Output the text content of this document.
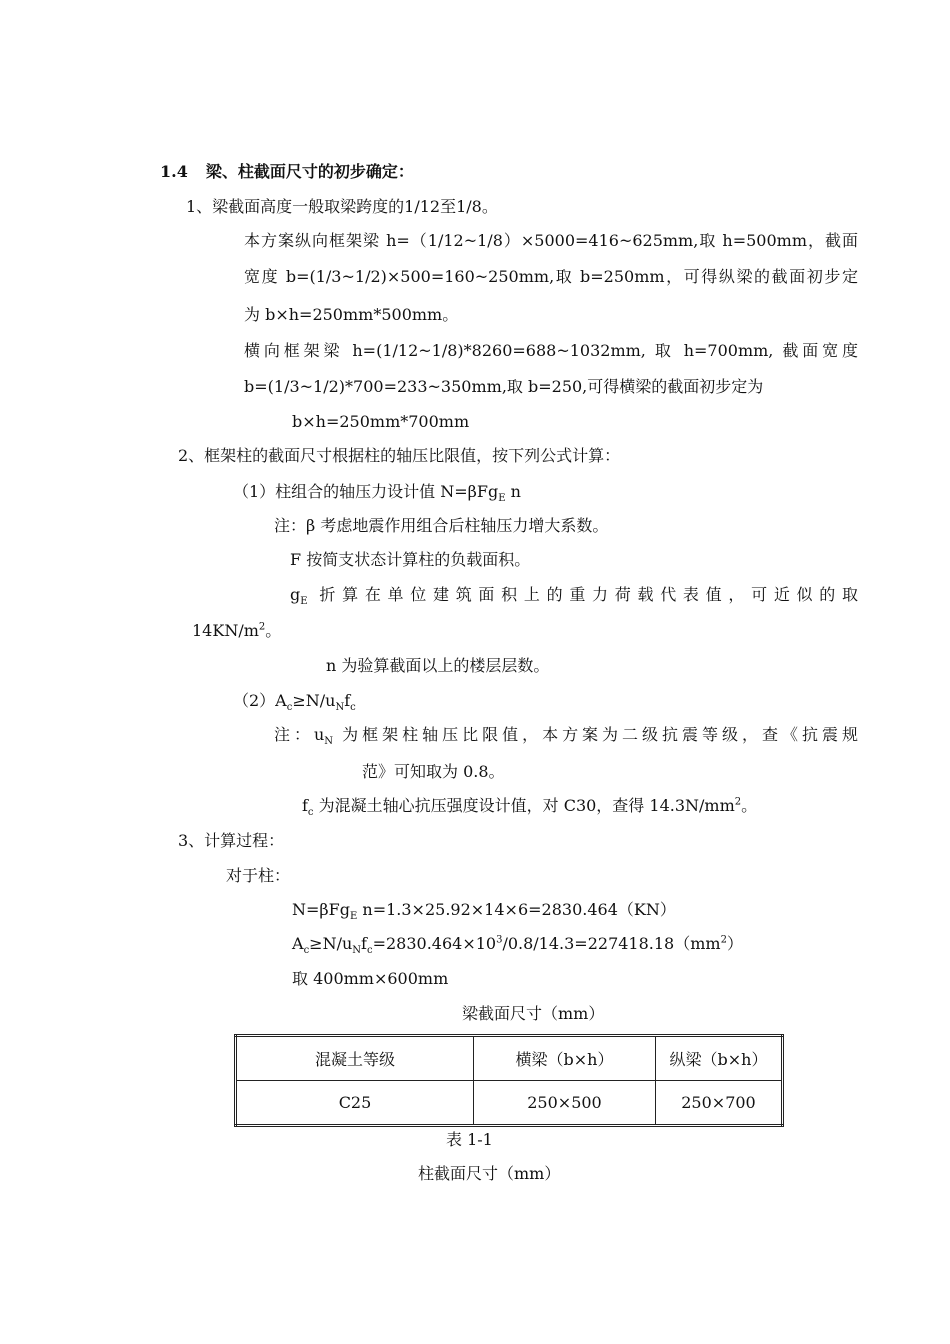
1.4 梁、柱截面尺寸的初步确定：
1、梁截面高度一般取梁跨度的1/12至1/8。
本方案纵向框架梁 h=（1/12~1/8）×5000=416~625mm,取 h=500mm，截面
宽度 b=(1/3~1/2)×500=160~250mm,取 b=250mm，可得纵梁的截面初步定
为 b×h=250mm*500mm。
横向框架梁 h=(1/12~1/8)*8260=688~1032mm, 取 h=700mm, 截面宽度
b=(1/3~1/2)*700=233~350mm,取 b=250,可得横梁的截面初步定为
b×h=250mm*700mm
2、框架柱的截面尺寸根据柱的轴压比限值，按下列公式计算：
（1）柱组合的轴压力设计值 N=βFg$_E$ n
注：β 考虑地震作用组合后柱轴压力增大系数。
F 按简支状态计算柱的负载面积。
$g_E$ 折算在单位建筑面积上的重力荷载代表值，可近似的取
$14KN/m^2$。
n 为验算截面以上的楼层层数。
$(2)A_c\ge N/u_Nf_c$
注：$u_N$ 为框架柱轴压比限值，本方案为二级抗震等级，查《抗震规
范》可知取为 0.8。
$f_c$ 为混凝土轴心抗压强度设计值，对 C30，查得 $14.3N/mm^2$。
3、计算过程：
对于柱：
N=βFg$_E$ n=1.3×25.92×14×6=2830.464（KN）
$A_c\ge N/u_Nf_c=2830.464\times 10^3/0.8/14.3=227418.18(mm^2)$
取 400mm×600mm
梁截面尺寸（mm）
混凝土等级	横梁（b×h）	纵梁（b×h）
C25	250×500	250×700
表 1-1
柱截面尺寸（mm）
